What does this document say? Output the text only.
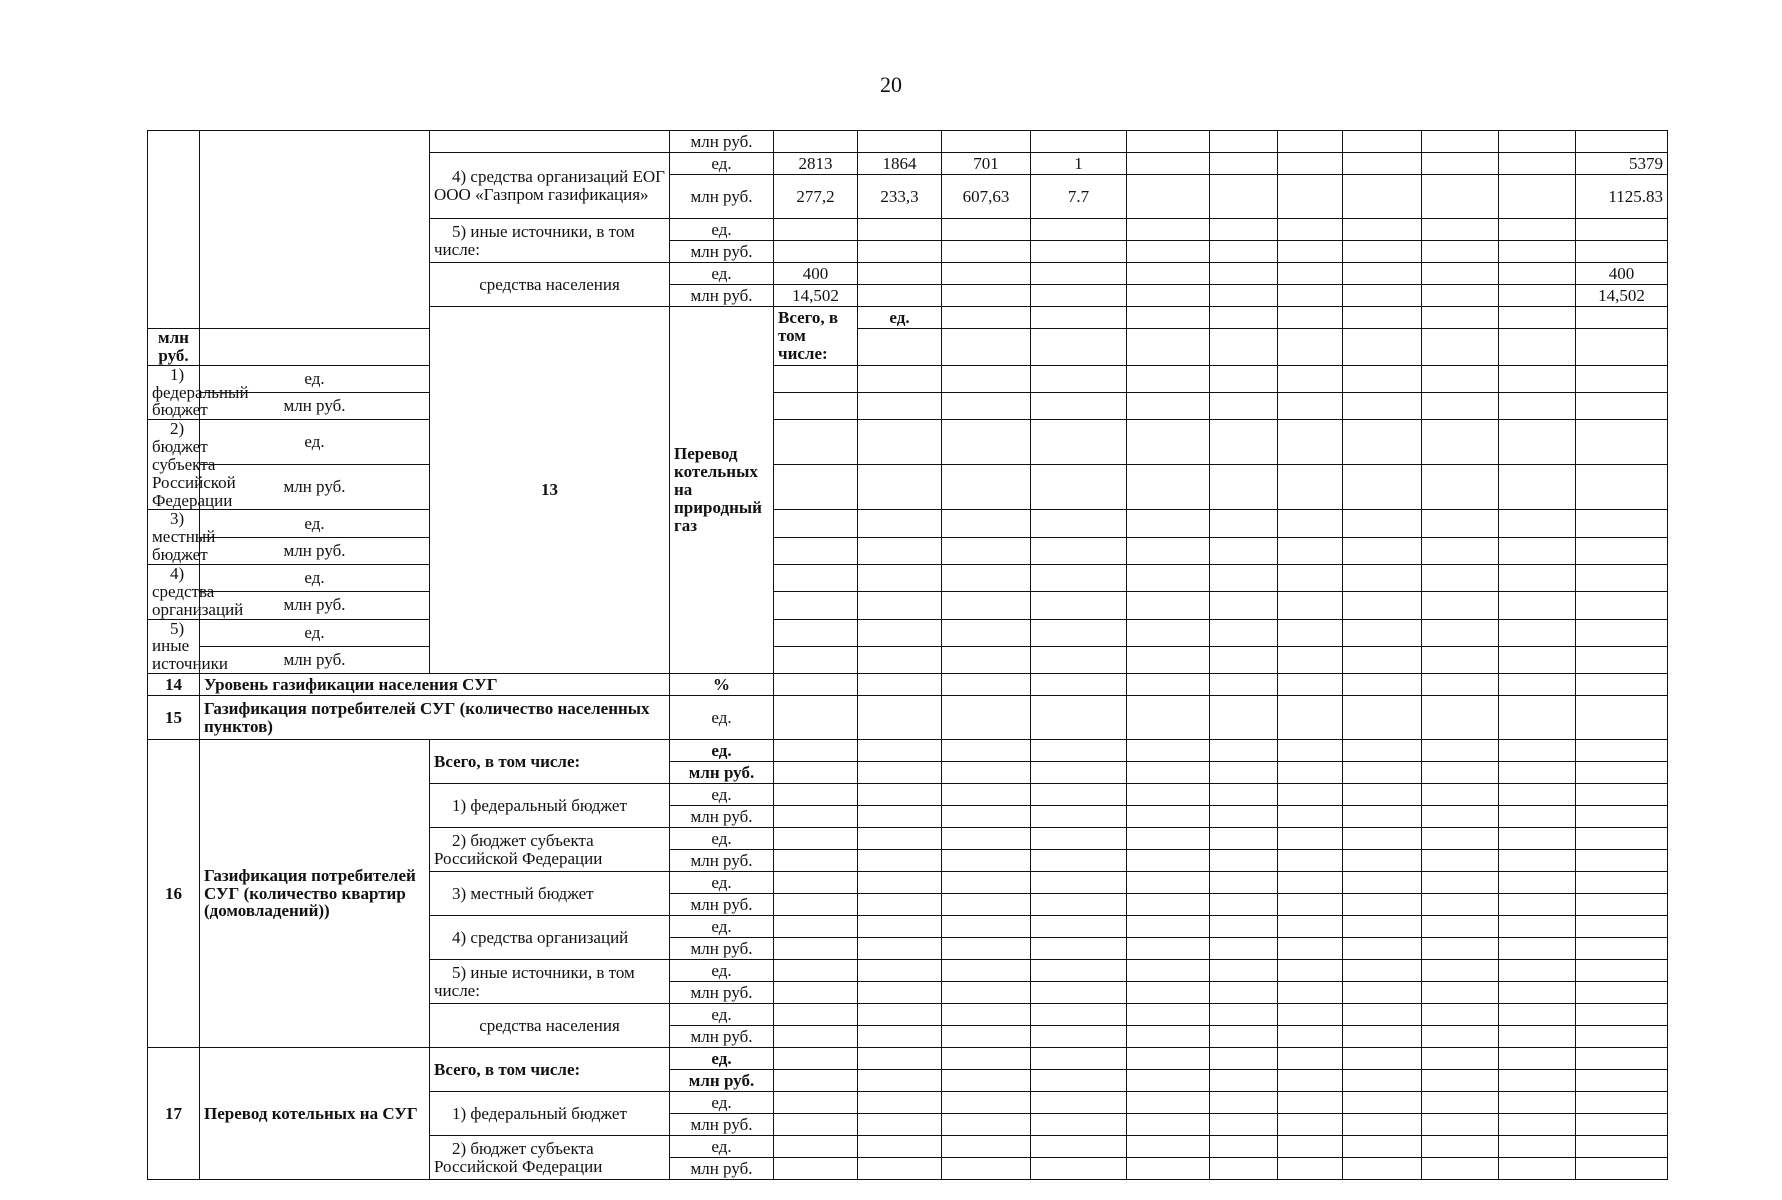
20
			млн руб.												
		4) средства организаций ЕОГ ООО «Газпром газификация»	ед.	2813	1864	701	1							5379	
			млн руб.	277,2	233,3	607,63	7.7							1125.83	
		5) иные источники, в том числе:	ед.												
			млн руб.												
		средства населения	ед.	400										400	
			млн руб.	14,502										14,502	
		13	Перевод котельных на природный газ	Всего, в том числе:	ед.											
млн руб.															
1) федеральный бюджет	ед.														
	млн руб.														
2) бюджет субъекта Российской Федерации	ед.														
	млн руб.														
3) местный бюджет	ед.														
	млн руб.														
4) средства организаций	ед.														
	млн руб.														
5) иные источники	ед.														
	млн руб.														
14	Уровень газификации населения СУГ		%												
15	Газификация потребителей СУГ (количество населенных пунктов)		ед.												
16	Газификация потребителей СУГ (количество квартир (домовладений))	Всего, в том числе:	ед.												
			млн руб.												
		1) федеральный бюджет	ед.												
			млн руб.												
		2) бюджет субъекта Российской Федерации	ед.												
			млн руб.												
		3) местный бюджет	ед.												
			млн руб.												
		4) средства организаций	ед.												
			млн руб.												
		5) иные источники, в том числе:	ед.												
			млн руб.												
		средства населения	ед.												
			млн руб.												
17	Перевод котельных на СУГ	Всего, в том числе:	ед.												
			млн руб.												
		1) федеральный бюджет	ед.												
			млн руб.												
		2) бюджет субъекта Российской Федерации	ед.												
			млн руб.												
